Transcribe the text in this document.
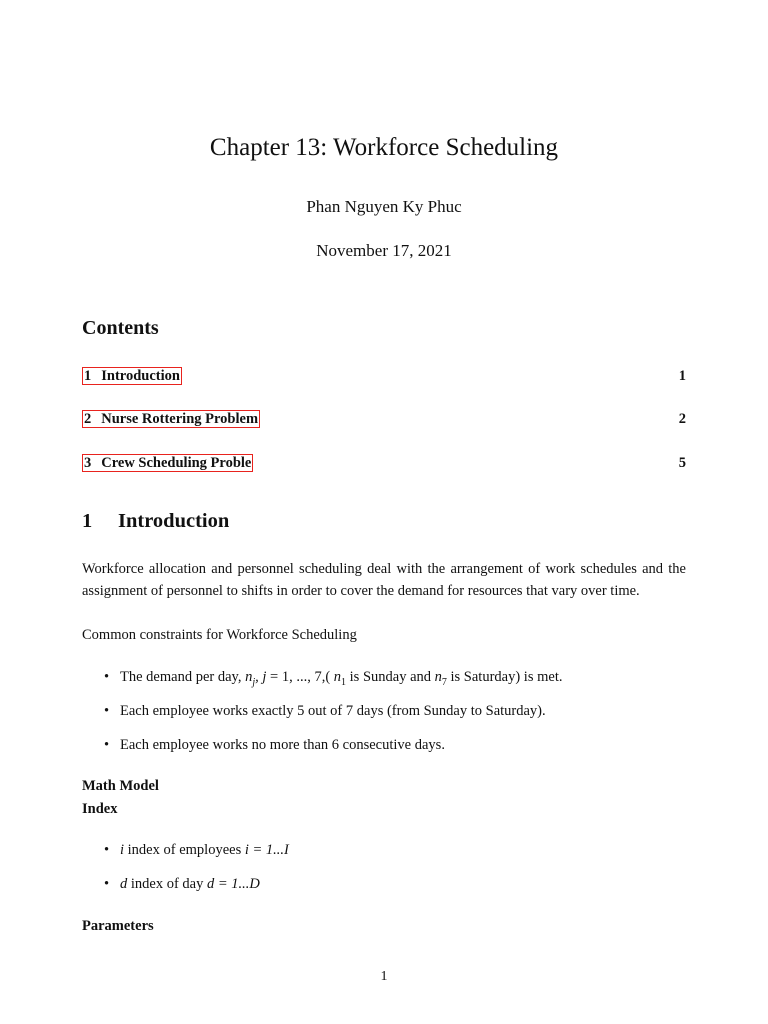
Chapter 13: Workforce Scheduling
Phan Nguyen Ky Phuc
November 17, 2021
Contents
1 Introduction	1
2 Nurse Rottering Problem	2
3 Crew Scheduling Proble	5
1 Introduction

Workforce allocation and personnel scheduling deal with the arrangement of work schedules and the assignment of personnel to shifts in order to cover the demand for resources that vary over time.

Common constraints for Workforce Scheduling
• The demand per day, $n_j$, j = 1, ..., 7,( $n_1$ is Sunday and $n_7$ is Saturday) is met.
• Each employee works exactly 5 out of 7 days (from Sunday to Saturday).
• Each employee works no more than 6 consecutive days.
Math Model
Index
• i index of employees i = 1...I
• d index of day d = 1...D
Parameters
1
